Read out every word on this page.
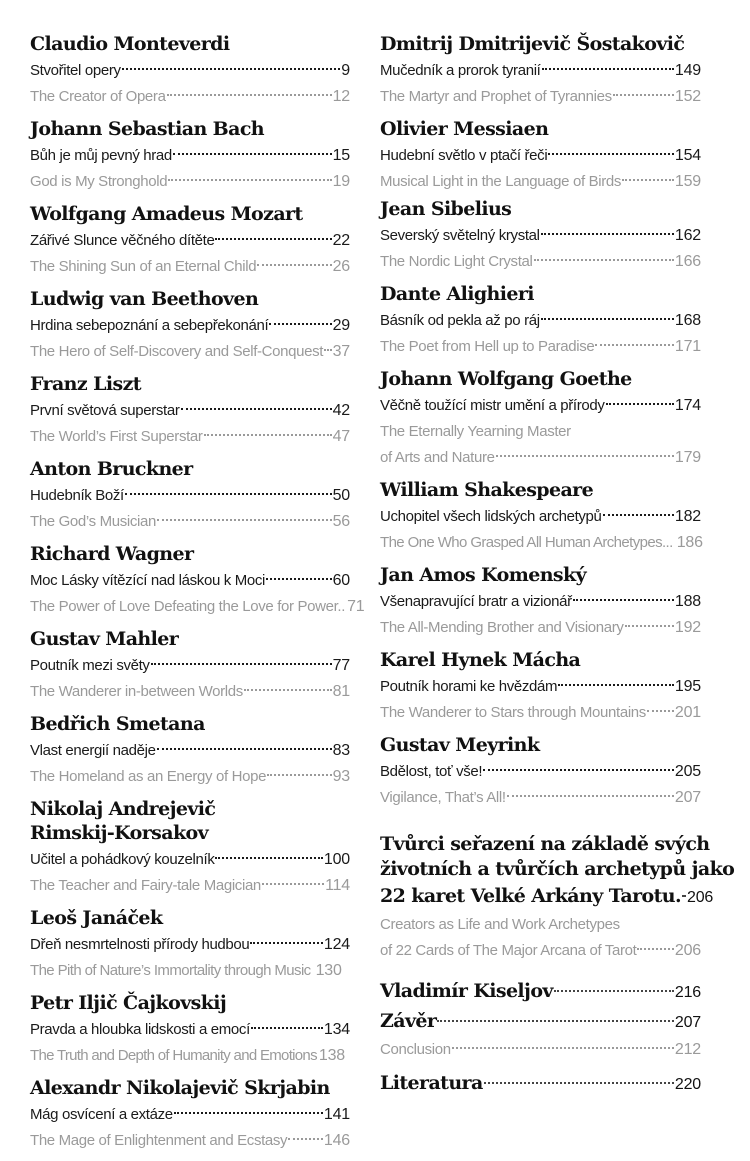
Claudio Monteverdi
Stvořitel opery	9
The Creator of Opera	12
Johann Sebastian Bach
Bůh je můj pevný hrad	15
God is My Stronghold	19
Wolfgang Amadeus Mozart
Zářivé Slunce věčného dítěte	22
The Shining Sun of an Eternal Child	26
Ludwig van Beethoven
Hrdina sebepoznání a sebepřekonání	29
The Hero of Self-Discovery and Self-Conquest 37
Franz Liszt
První světová superstar	42
The World’s First Superstar	47
Anton Bruckner
Hudebník Boží	50
The God’s Musician	56
Richard Wagner
Moc Lásky vítězící nad láskou k Moci	60
The Power of Love Defeating the Love for Power.. 71
Gustav Mahler
Poutník mezi světy	77
The Wanderer in-between Worlds	81
Bedřich Smetana
Vlast energií naděje	83
The Homeland as an Energy of Hope	93
Nikolaj Andrejevič
Rimskij-Korsakov
Učitel a pohádkový kouzelník	100
The Teacher and Fairy-tale Magician	114
Leoš Janáček
Dřeň nesmrtelnosti přírody hudbou	124
The Pith of Nature’s Immortality through Music 130
Petr Iljič Čajkovskij
Pravda a hloubka lidskosti a emocí	134
The Truth and Depth of Humanity and Emotions 138
Alexandr Nikolajevič Skrjabin
Mág osvícení a extáze	141
The Mage of Enlightenment and Ecstasy 146
Dmitrij Dmitrijevič Šostakovič
Mučedník a prorok tyranií	149
The Martyr and Prophet of Tyrannies	152
Olivier Messiaen
Hudební světlo v ptačí řeči	154
Musical Light in the Language of Birds	159
Jean Sibelius
Severský světelný krystal	162
The Nordic Light Crystal	166
Dante Alighieri
Básník od pekla až po ráj	168
The Poet from Hell up to Paradise	171
Johann Wolfgang Goethe
Věčně toužící mistr umění a přírody	174
The Eternally Yearning Master
of Arts and Nature	179
William Shakespeare
Uchopitel všech lidských archetypů	182
The One Who Grasped All Human Archetypes... 186
Jan Amos Komenský
Všenapravující bratr a vizionář	188
The All-Mending Brother and Visionary	192
Karel Hynek Mácha
Poutník horami ke hvězdám	195
The Wanderer to Stars through Mountains 201
Gustav Meyrink
Bdělost, toť vše!	205
Vigilance, That’s All!	207
Tvůrci seřazení na základě svých
životních a tvůrčích archetypů jako
22 karet Velké Arkány Tarotu. 206
Creators as Life and Work Archetypes
of 22 Cards of The Major Arcana of Tarot 206
Vladimír Kiseljov	216
Závěr	207
Conclusion	212
Literatura	220
